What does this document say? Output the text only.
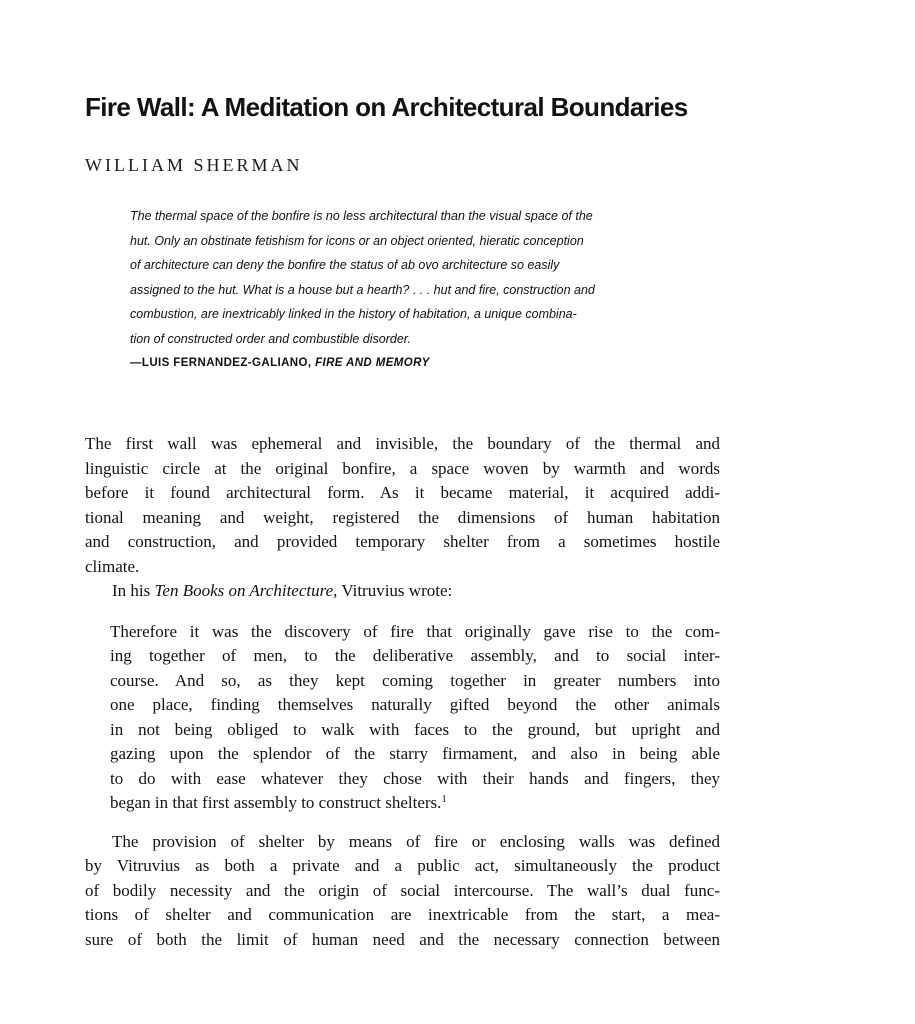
Fire Wall: A Meditation on Architectural Boundaries
WILLIAM SHERMAN
The thermal space of the bonfire is no less architectural than the visual space of the
hut. Only an obstinate fetishism for icons or an object oriented, hieratic conception
of architecture can deny the bonfire the status of ab ovo architecture so easily
assigned to the hut. What is a house but a hearth? . . . hut and fire, construction and
combustion, are inextricably linked in the history of habitation, a unique combina-
tion of constructed order and combustible disorder.
—LUIS FERNANDEZ-GALIANO, FIRE AND MEMORY
The first wall was ephemeral and invisible, the boundary of the thermal and
linguistic circle at the original bonfire, a space woven by warmth and words
before it found architectural form. As it became material, it acquired addi-
tional meaning and weight, registered the dimensions of human habitation
and construction, and provided temporary shelter from a sometimes hostile
climate.
In his Ten Books on Architecture, Vitruvius wrote:
Therefore it was the discovery of fire that originally gave rise to the com-
ing together of men, to the deliberative assembly, and to social inter-
course. And so, as they kept coming together in greater numbers into
one place, finding themselves naturally gifted beyond the other animals
in not being obliged to walk with faces to the ground, but upright and
gazing upon the splendor of the starry firmament, and also in being able
to do with ease whatever they chose with their hands and fingers, they
began in that first assembly to construct shelters.$^1$
The provision of shelter by means of fire or enclosing walls was defined
by Vitruvius as both a private and a public act, simultaneously the product
of bodily necessity and the origin of social intercourse. The wall’s dual func-
tions of shelter and communication are inextricable from the start, a mea-
sure of both the limit of human need and the necessary connection between
